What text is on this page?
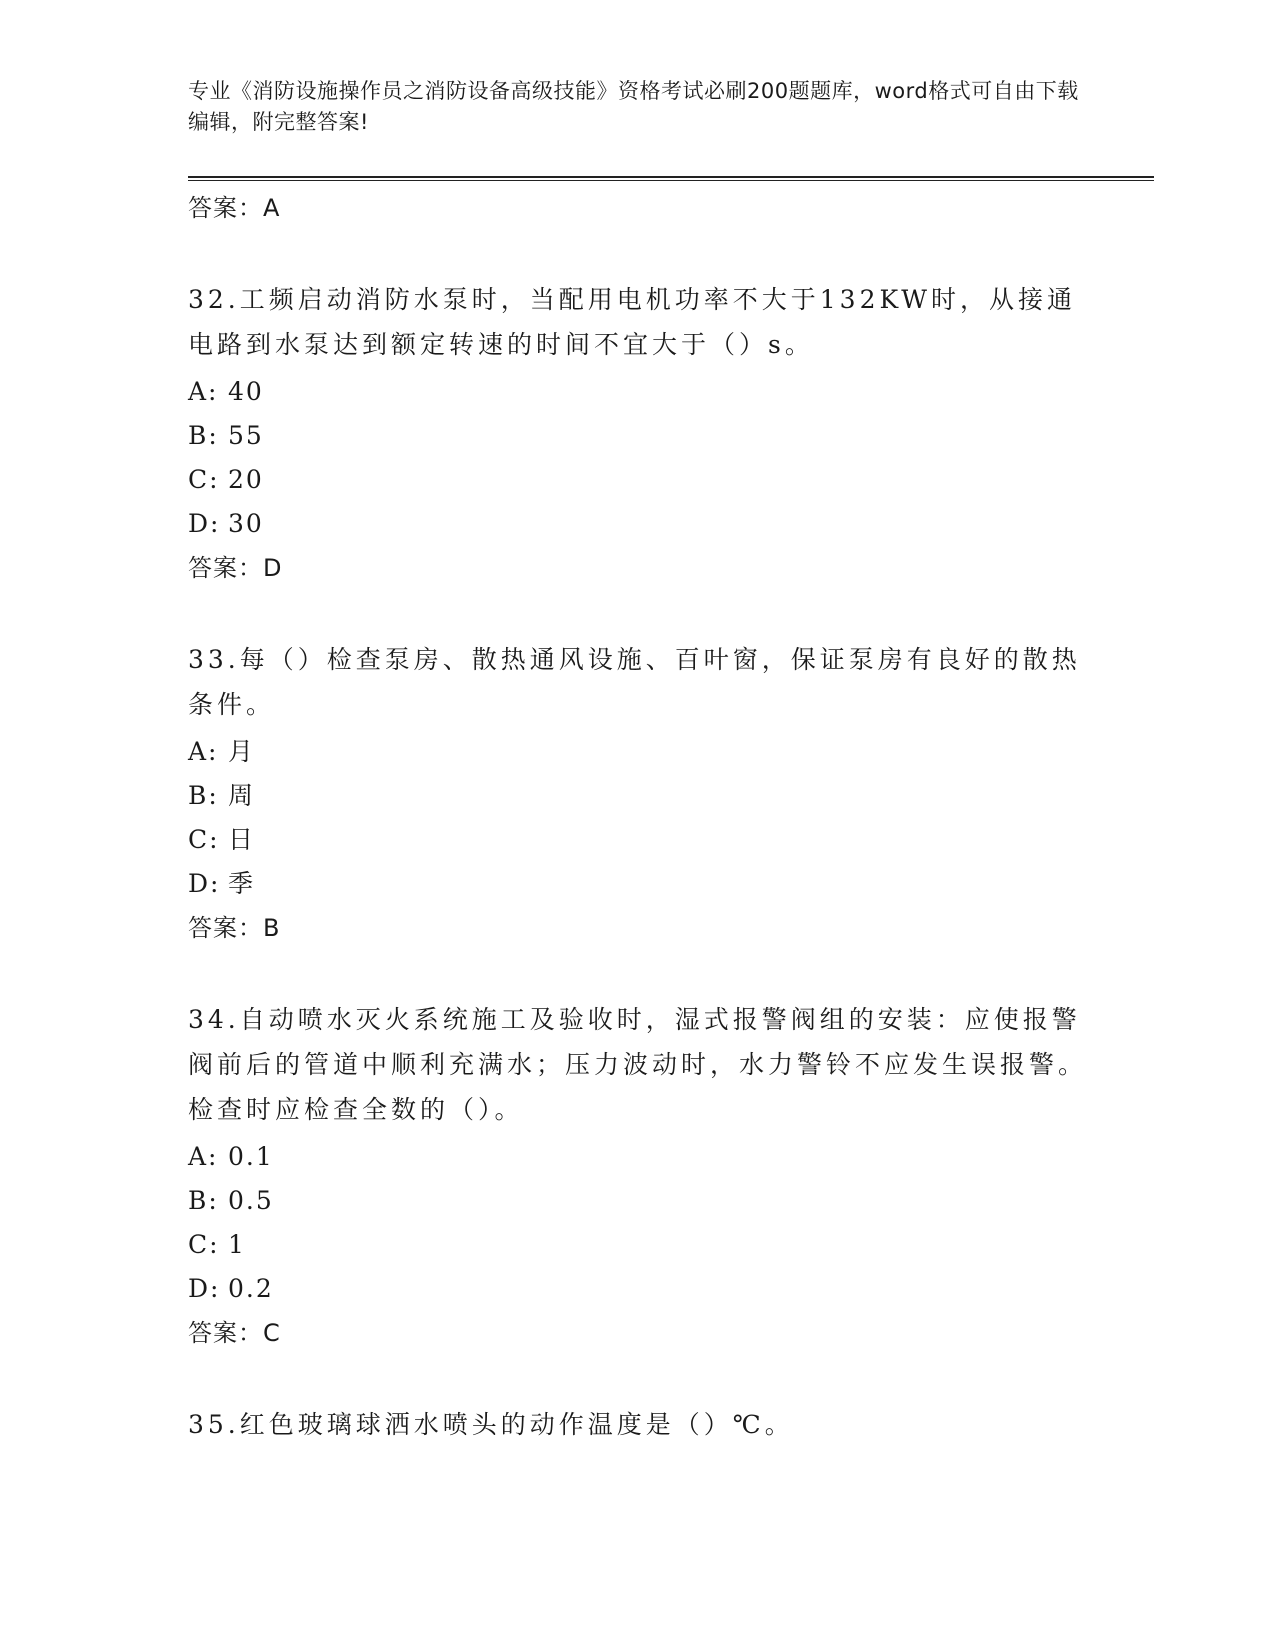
专业《消防设施操作员之消防设备高级技能》资格考试必刷200题题库，word格式可自由下载编辑，附完整答案!
答案：A
32.工频启动消防水泵时，当配用电机功率不大于132KW时，从接通电路到水泵达到额定转速的时间不宜大于（）s。
A: 40
B: 55
C: 20
D: 30
答案：D
33.每（）检查泵房、散热通风设施、百叶窗，保证泵房有良好的散热条件。
A: 月
B: 周
C: 日
D: 季
答案：B
34.自动喷水灭火系统施工及验收时，湿式报警阀组的安装：应使报警阀前后的管道中顺利充满水；压力波动时，水力警铃不应发生误报警。检查时应检查全数的（）。
A: 0.1
B: 0.5
C: 1
D: 0.2
答案：C
35.红色玻璃球洒水喷头的动作温度是（）℃。
